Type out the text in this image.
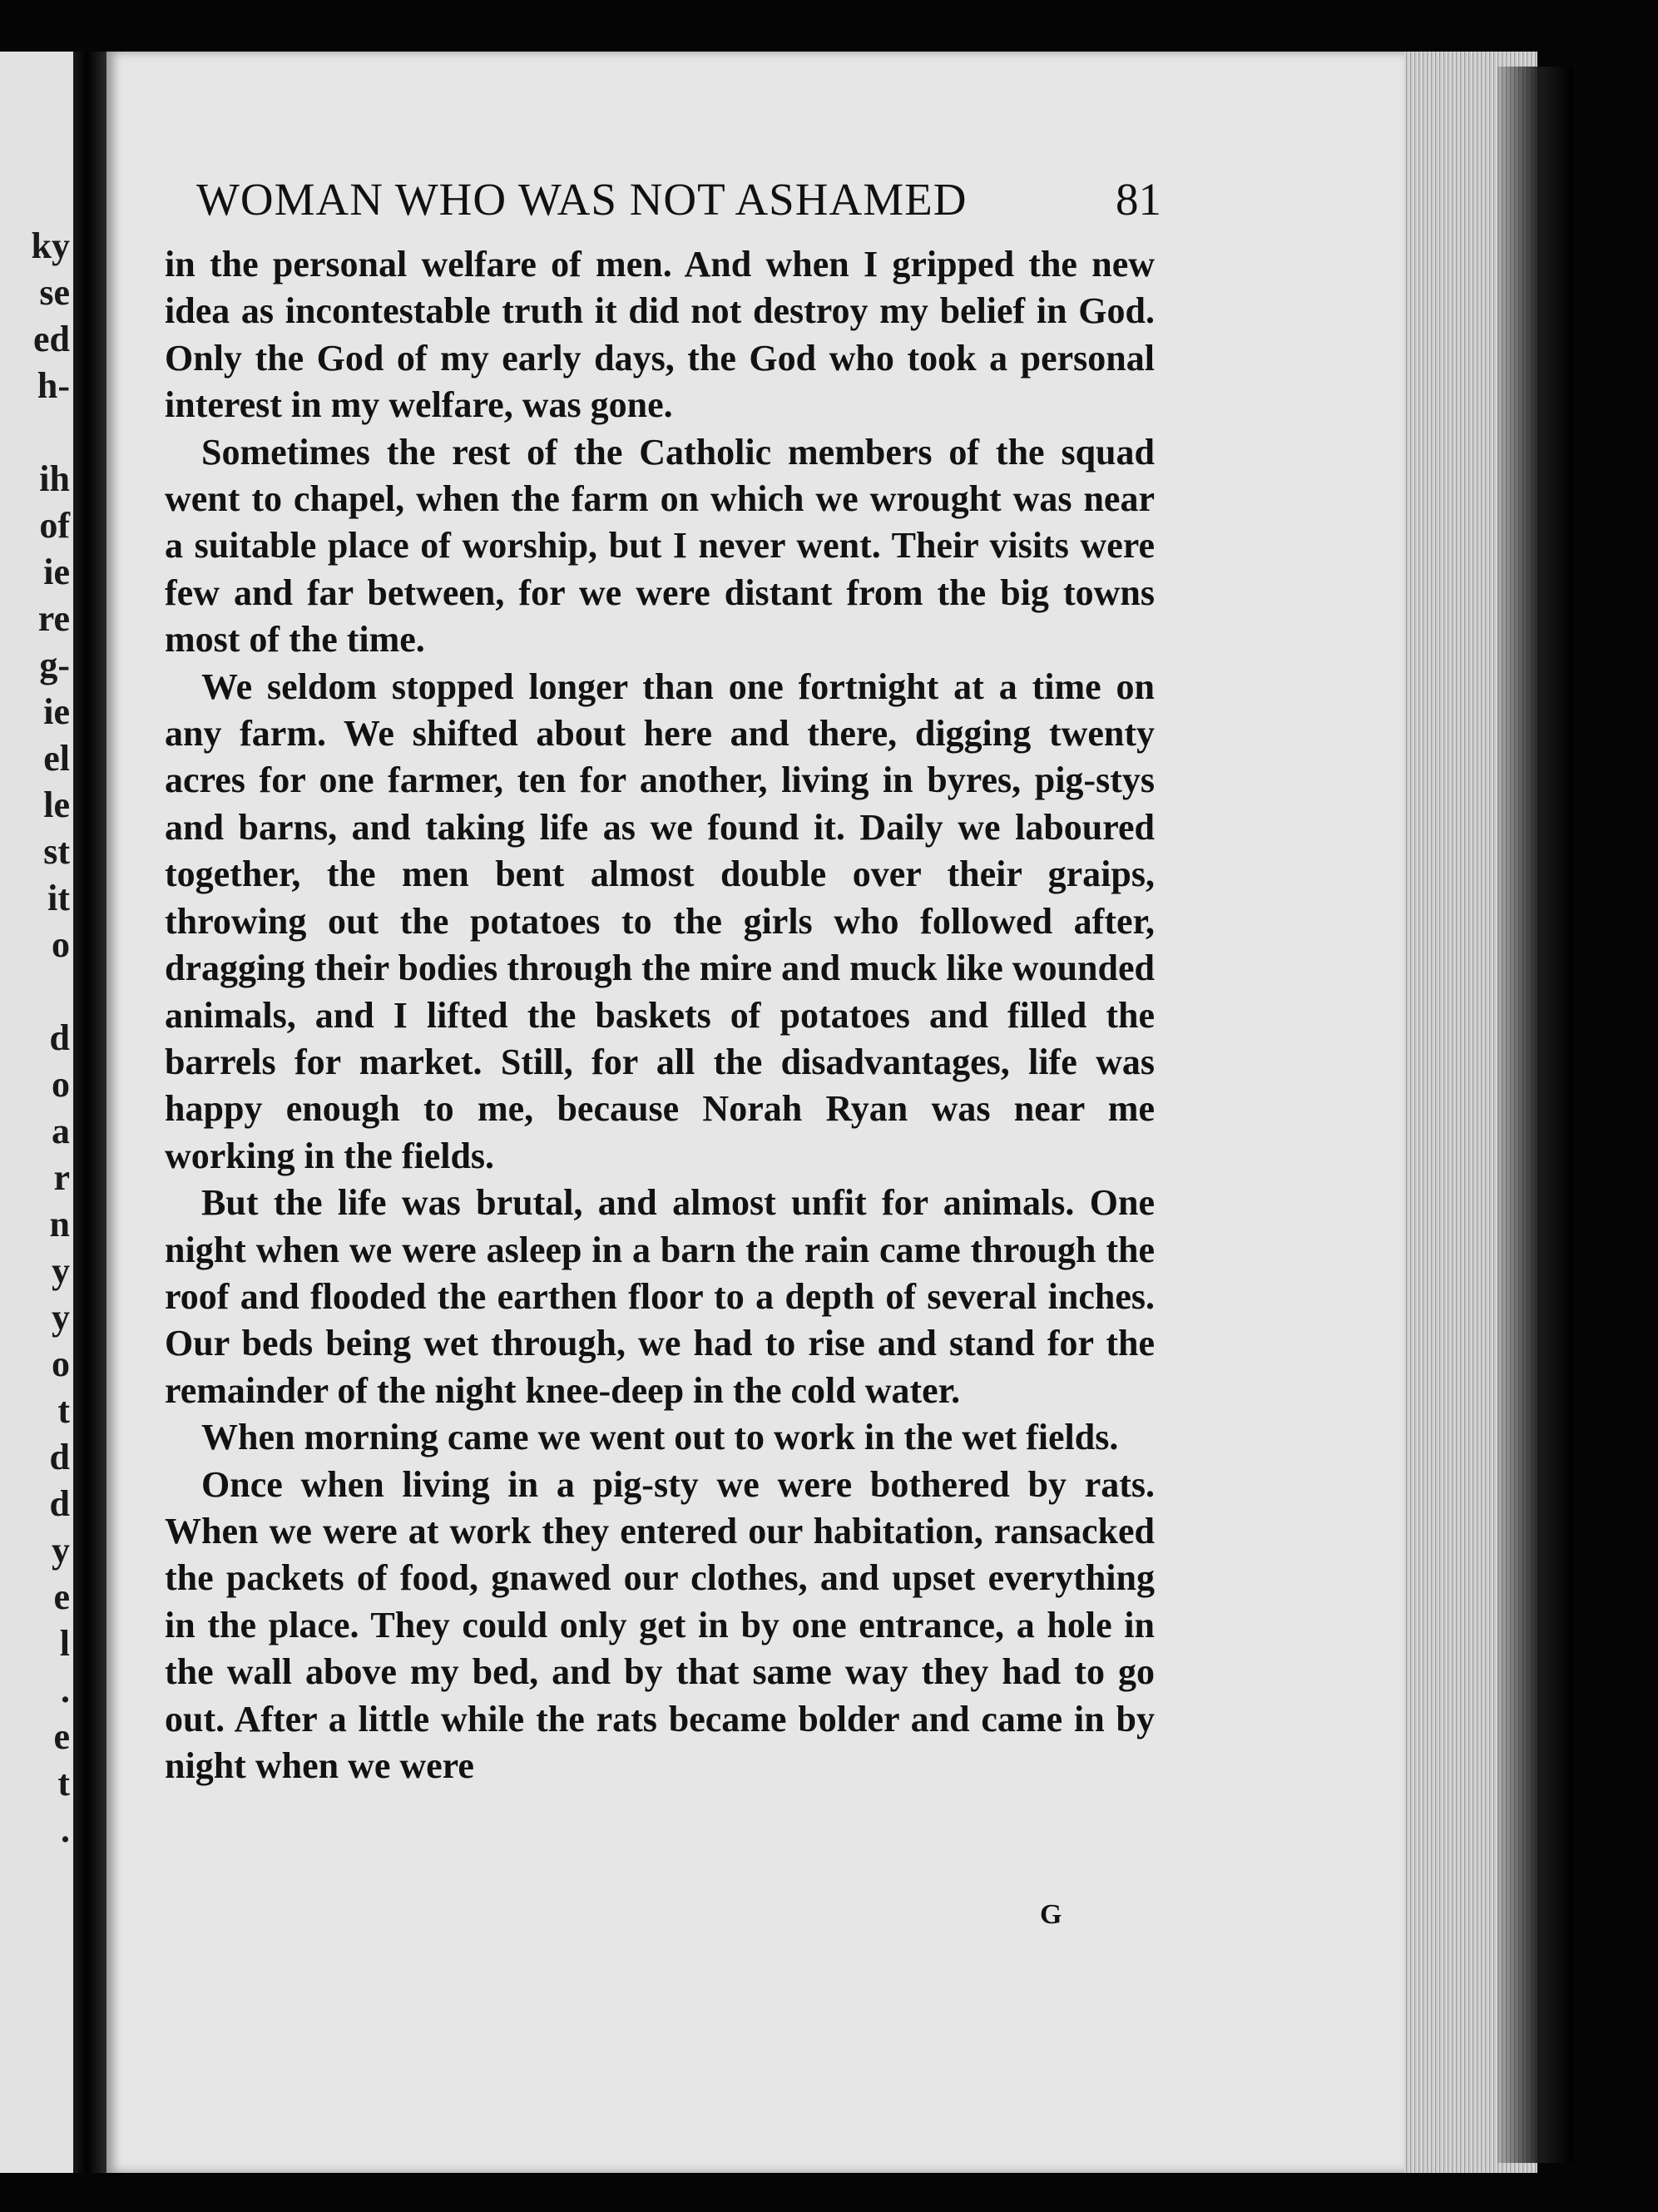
ky
se
ed
h-
ih
of
ie
re
g-
ie
el
le
st
it
o
d
o
a
r
n
y
y
o
t
d
d
y
e
l
.
e
t
.
WOMAN WHO WAS NOT ASHAMED	81

in the personal welfare of men. And when I gripped the new idea as incontestable truth it did not destroy my belief in God. Only the God of my early days, the God who took a personal interest in my welfare, was gone.

Sometimes the rest of the Catholic members of the squad went to chapel, when the farm on which we wrought was near a suitable place of worship, but I never went. Their visits were few and far between, for we were distant from the big towns most of the time.

We seldom stopped longer than one fortnight at a time on any farm. We shifted about here and there, digging twenty acres for one farmer, ten for another, living in byres, pig-stys and barns, and taking life as we found it. Daily we laboured together, the men bent almost double over their graips, throwing out the potatoes to the girls who followed after, dragging their bodies through the mire and muck like wounded animals, and I lifted the baskets of potatoes and filled the barrels for market. Still, for all the disadvantages, life was happy enough to me, because Norah Ryan was near me working in the fields.

But the life was brutal, and almost unfit for animals. One night when we were asleep in a barn the rain came through the roof and flooded the earthen floor to a depth of several inches. Our beds being wet through, we had to rise and stand for the remainder of the night knee-deep in the cold water.

When morning came we went out to work in the wet fields.

Once when living in a pig-sty we were bothered by rats. When we were at work they entered our habitation, ransacked the packets of food, gnawed our clothes, and upset everything in the place. They could only get in by one entrance, a hole in the wall above my bed, and by that same way they had to go out. After a little while the rats became bolder and came in by night when we were

G
